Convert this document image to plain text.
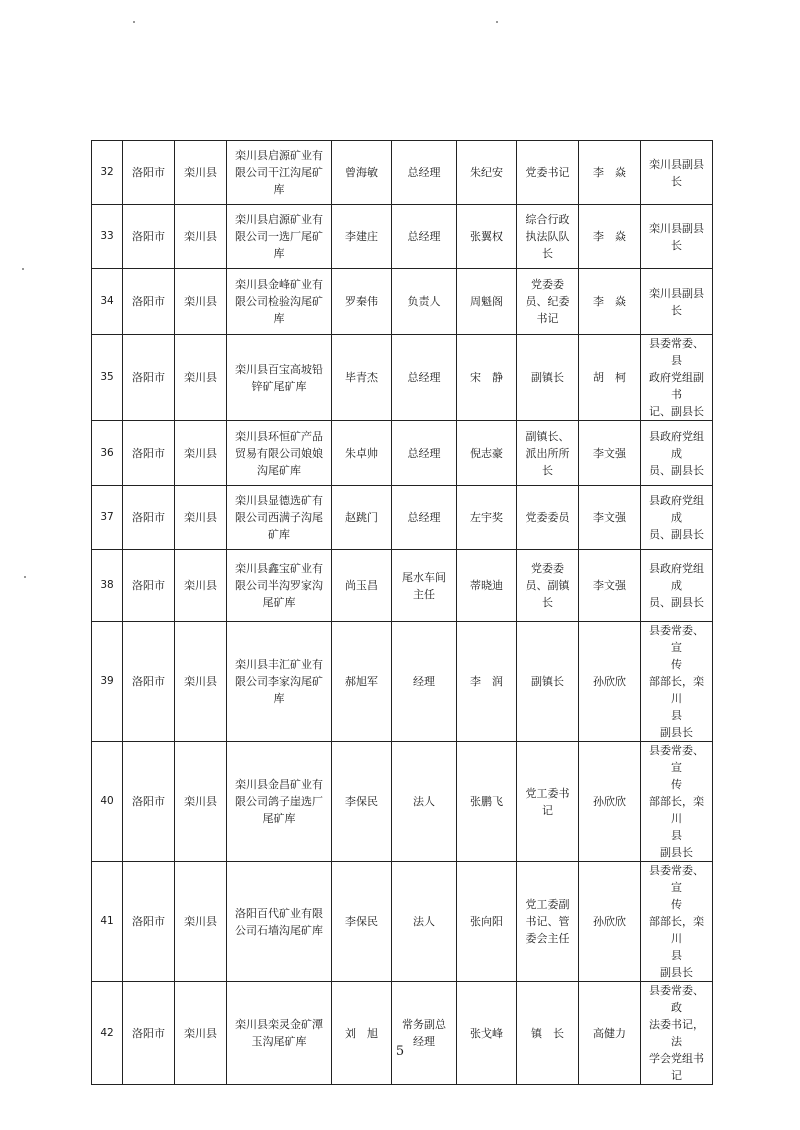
32	洛阳市	栾川县	栾川县启源矿业有
限公司干江沟尾矿
库	曾海敏	总经理	朱纪安	党委书记	李　焱	栾川县副县长
33	洛阳市	栾川县	栾川县启源矿业有
限公司一选厂尾矿
库	李建庄	总经理	张翼权	综合行政
执法队队
长	李　焱	栾川县副县长
34	洛阳市	栾川县	栾川县金峰矿业有
限公司检验沟尾矿
库	罗秦伟	负责人	周魁阁	党委委
员、纪委
书记	李　焱	栾川县副县长
35	洛阳市	栾川县	栾川县百宝高坡铅
锌矿尾矿库	毕青杰	总经理	宋　静	副镇长	胡　柯	县委常委、县
政府党组副书
记、副县长
36	洛阳市	栾川县	栾川县环恒矿产品
贸易有限公司娘娘
沟尾矿库	朱卓帅	总经理	倪志豪	副镇长、
派出所所
长	李文强	县政府党组成
员、副县长
37	洛阳市	栾川县	栾川县显德选矿有
限公司西满子沟尾
矿库	赵跳门	总经理	左宇奖	党委委员	李文强	县政府党组成
员、副县长
38	洛阳市	栾川县	栾川县鑫宝矿业有
限公司半沟罗家沟
尾矿库	尚玉昌	尾水车间
主任	蒂晓迪	党委委
员、副镇
长	李文强	县政府党组成
员、副县长
39	洛阳市	栾川县	栾川县丰汇矿业有
限公司李家沟尾矿
库	郝旭军	经理	李　润	副镇长	孙欣欣	县委常委、宣
传
部部长，栾川
县
副县长
40	洛阳市	栾川县	栾川县金昌矿业有
限公司鸽子崖选厂
尾矿库	李保民	法人	张鹏飞	党工委书
记	孙欣欣	县委常委、宣
传
部部长，栾川
县
副县长
41	洛阳市	栾川县	洛阳百代矿业有限
公司石墙沟尾矿库	李保民	法人	张向阳	党工委副
书记、管
委会主任	孙欣欣	县委常委、宣
传
部部长，栾川
县
副县长
42	洛阳市	栾川县	栾川县栾灵金矿潭
玉沟尾矿库	刘　旭	常务副总
经理	张戈峰	镇　长	高健力	县委常委、政
法委书记，法
学会党组书记
5
